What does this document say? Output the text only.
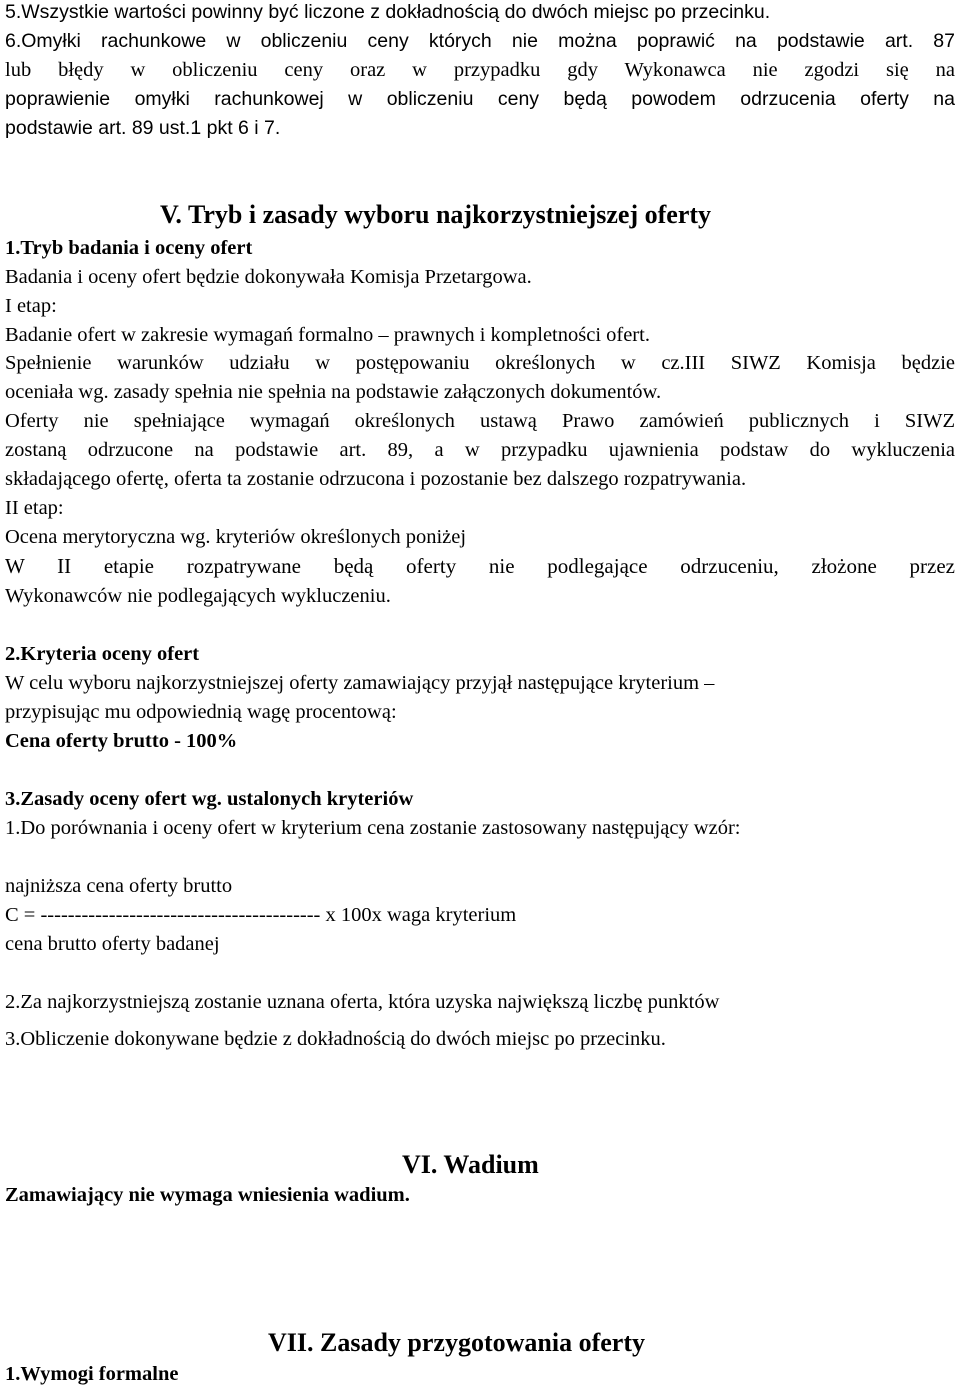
5.Wszystkie wartości powinny być liczone z dokładnością do dwóch miejsc po przecinku.
6.Omyłki rachunkowe w obliczeniu ceny których nie można poprawić na podstawie art. 87
lub błędy w obliczeniu ceny oraz w przypadku gdy Wykonawca nie zgodzi się na
poprawienie omyłki rachunkowej w obliczeniu ceny będą powodem odrzucenia oferty na
podstawie art. 89 ust.1 pkt 6 i 7.
V. Tryb i zasady wyboru najkorzystniejszej oferty
1.Tryb badania i oceny ofert
Badania i oceny ofert będzie dokonywała Komisja Przetargowa.
I etap:
Badanie ofert w zakresie wymagań formalno – prawnych i kompletności ofert.
Spełnienie warunków udziału w postępowaniu określonych w cz.III SIWZ Komisja będzie
oceniała wg. zasady spełnia nie spełnia na podstawie załączonych dokumentów.
Oferty nie spełniające wymagań określonych ustawą Prawo zamówień publicznych i SIWZ
zostaną odrzucone na podstawie art. 89, a w przypadku ujawnienia podstaw do wykluczenia
składającego ofertę, oferta ta zostanie odrzucona i pozostanie bez dalszego rozpatrywania.
II etap:
Ocena merytoryczna wg. kryteriów określonych poniżej
W II etapie rozpatrywane będą oferty nie podlegające odrzuceniu, złożone przez
Wykonawców nie podlegających wykluczeniu.
2.Kryteria oceny ofert
W celu wyboru najkorzystniejszej oferty zamawiający przyjął następujące kryterium –
przypisując mu odpowiednią wagę procentową:
Cena oferty brutto - 100%
3.Zasady oceny ofert wg. ustalonych kryteriów
1.Do porównania i oceny ofert w kryterium cena zostanie zastosowany następujący wzór:
najniższa cena oferty brutto
C = ----------------------------------------- x 100x waga kryterium
cena brutto oferty badanej
2.Za najkorzystniejszą zostanie uznana oferta, która uzyska największą liczbę punktów
3.Obliczenie dokonywane będzie z dokładnością do dwóch miejsc po przecinku.
VI. Wadium
Zamawiający nie wymaga wniesienia wadium.
VII. Zasady przygotowania oferty
1.Wymogi formalne
